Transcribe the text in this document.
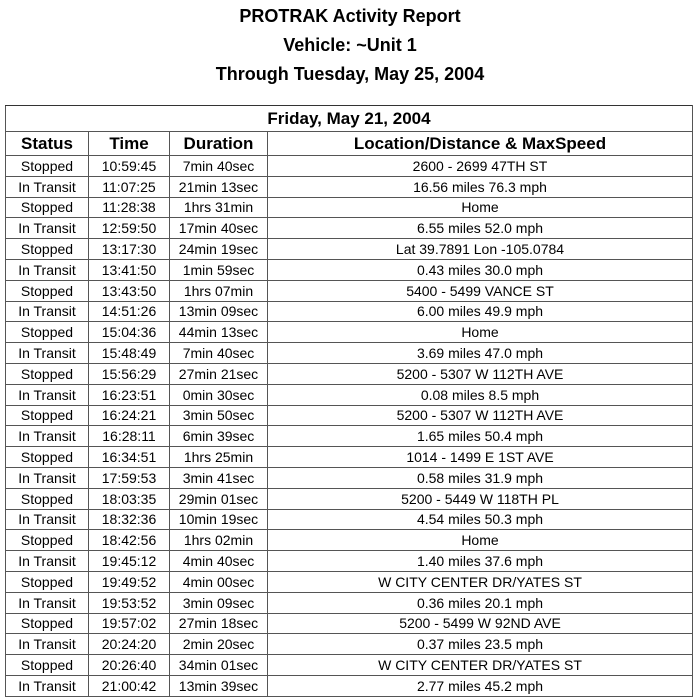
PROTRAK Activity Report
Vehicle: ~Unit 1
Through Tuesday, May 25, 2004
Friday, May 21, 2004			
Status	Time	Duration	Location/Distance & MaxSpeed
Stopped	10:59:45	7min 40sec	2600 - 2699 47TH ST
In Transit	11:07:25	21min 13sec	16.56 miles 76.3 mph
Stopped	11:28:38	1hrs 31min	Home
In Transit	12:59:50	17min 40sec	6.55 miles 52.0 mph
Stopped	13:17:30	24min 19sec	Lat 39.7891 Lon -105.0784
In Transit	13:41:50	1min 59sec	0.43 miles 30.0 mph
Stopped	13:43:50	1hrs 07min	5400 - 5499 VANCE ST
In Transit	14:51:26	13min 09sec	6.00 miles 49.9 mph
Stopped	15:04:36	44min 13sec	Home
In Transit	15:48:49	7min 40sec	3.69 miles 47.0 mph
Stopped	15:56:29	27min 21sec	5200 - 5307 W 112TH AVE
In Transit	16:23:51	0min 30sec	0.08 miles 8.5 mph
Stopped	16:24:21	3min 50sec	5200 - 5307 W 112TH AVE
In Transit	16:28:11	6min 39sec	1.65 miles 50.4 mph
Stopped	16:34:51	1hrs 25min	1014 - 1499 E 1ST AVE
In Transit	17:59:53	3min 41sec	0.58 miles 31.9 mph
Stopped	18:03:35	29min 01sec	5200 - 5449 W 118TH PL
In Transit	18:32:36	10min 19sec	4.54 miles 50.3 mph
Stopped	18:42:56	1hrs 02min	Home
In Transit	19:45:12	4min 40sec	1.40 miles 37.6 mph
Stopped	19:49:52	4min 00sec	W CITY CENTER DR/YATES ST
In Transit	19:53:52	3min 09sec	0.36 miles 20.1 mph
Stopped	19:57:02	27min 18sec	5200 - 5499 W 92ND AVE
In Transit	20:24:20	2min 20sec	0.37 miles 23.5 mph
Stopped	20:26:40	34min 01sec	W CITY CENTER DR/YATES ST
In Transit	21:00:42	13min 39sec	2.77 miles 45.2 mph
